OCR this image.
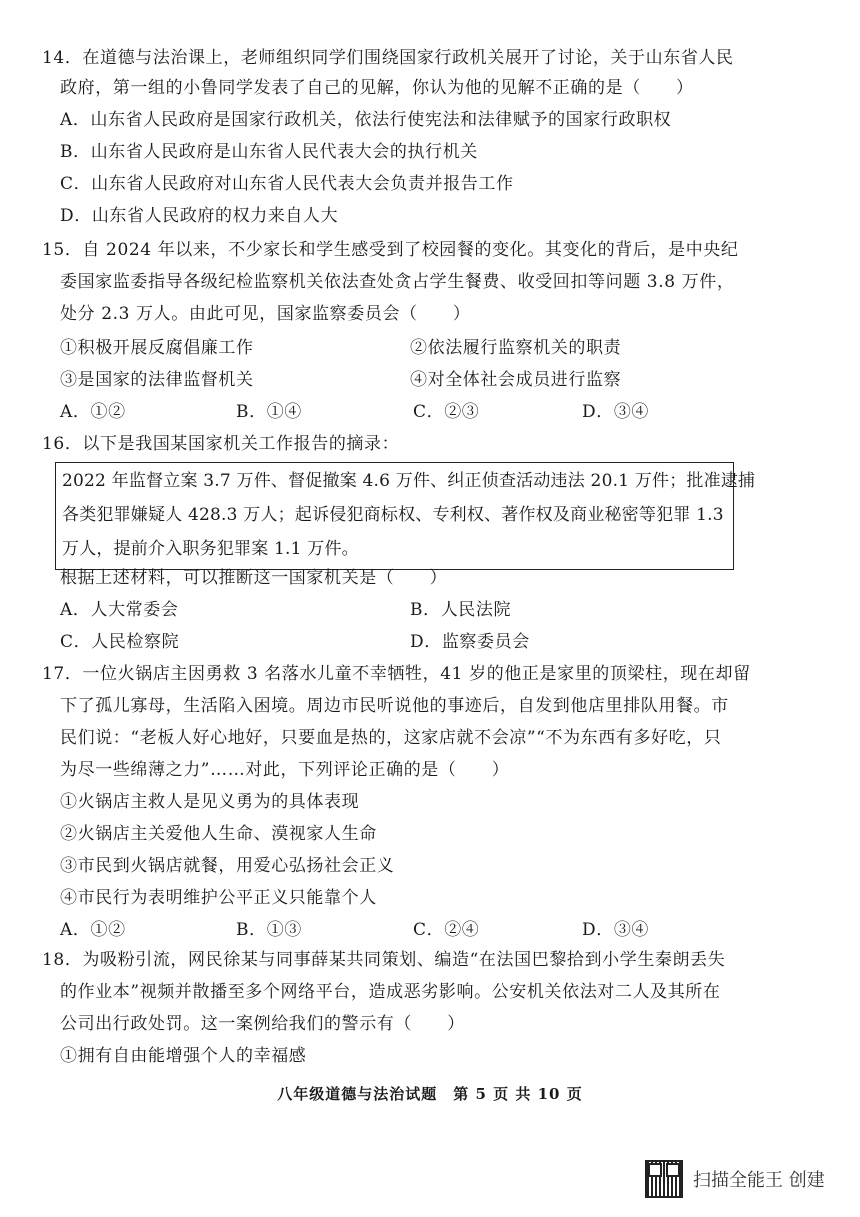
14．在道德与法治课上，老师组织同学们围绕国家行政机关展开了讨论，关于山东省人民
政府，第一组的小鲁同学发表了自己的见解，你认为他的见解不正确的是（　　）
A．山东省人民政府是国家行政机关，依法行使宪法和法律赋予的国家行政职权
B．山东省人民政府是山东省人民代表大会的执行机关
C．山东省人民政府对山东省人民代表大会负责并报告工作
D．山东省人民政府的权力来自人大
15．自 2024 年以来，不少家长和学生感受到了校园餐的变化。其变化的背后，是中央纪
委国家监委指导各级纪检监察机关依法查处贪占学生餐费、收受回扣等问题 3.8 万件，
处分 2.3 万人。由此可见，国家监察委员会（　　）
①积极开展反腐倡廉工作	②依法履行监察机关的职责
③是国家的法律监督机关	④对全体社会成员进行监察
A．①②	B．①④	C．②③	D．③④
16．以下是我国某国家机关工作报告的摘录：
2022 年监督立案 3.7 万件、督促撤案 4.6 万件、纠正侦查活动违法 20.1 万件；批准逮捕
各类犯罪嫌疑人 428.3 万人；起诉侵犯商标权、专利权、著作权及商业秘密等犯罪 1.3
万人，提前介入职务犯罪案 1.1 万件。
根据上述材料，可以推断这一国家机关是（　　）
A．人大常委会	B．人民法院
C．人民检察院	D．监察委员会
17．一位火锅店主因勇救 3 名落水儿童不幸牺牲，41 岁的他正是家里的顶梁柱，现在却留
下了孤儿寡母，生活陷入困境。周边市民听说他的事迹后，自发到他店里排队用餐。市
民们说：“老板人好心地好，只要血是热的，这家店就不会凉”“不为东西有多好吃，只
为尽一些绵薄之力”……对此，下列评论正确的是（　　）
①火锅店主救人是见义勇为的具体表现
②火锅店主关爱他人生命、漠视家人生命
③市民到火锅店就餐，用爱心弘扬社会正义
④市民行为表明维护公平正义只能靠个人
A．①②	B．①③	C．②④	D．③④
18．为吸粉引流，网民徐某与同事薛某共同策划、编造“在法国巴黎拾到小学生秦朗丢失
的作业本”视频并散播至多个网络平台，造成恶劣影响。公安机关依法对二人及其所在
公司出行政处罚。这一案例给我们的警示有（　　）
①拥有自由能增强个人的幸福感
八年级道德与法治试题　第 5 页 共 10 页
扫描全能王 创建
